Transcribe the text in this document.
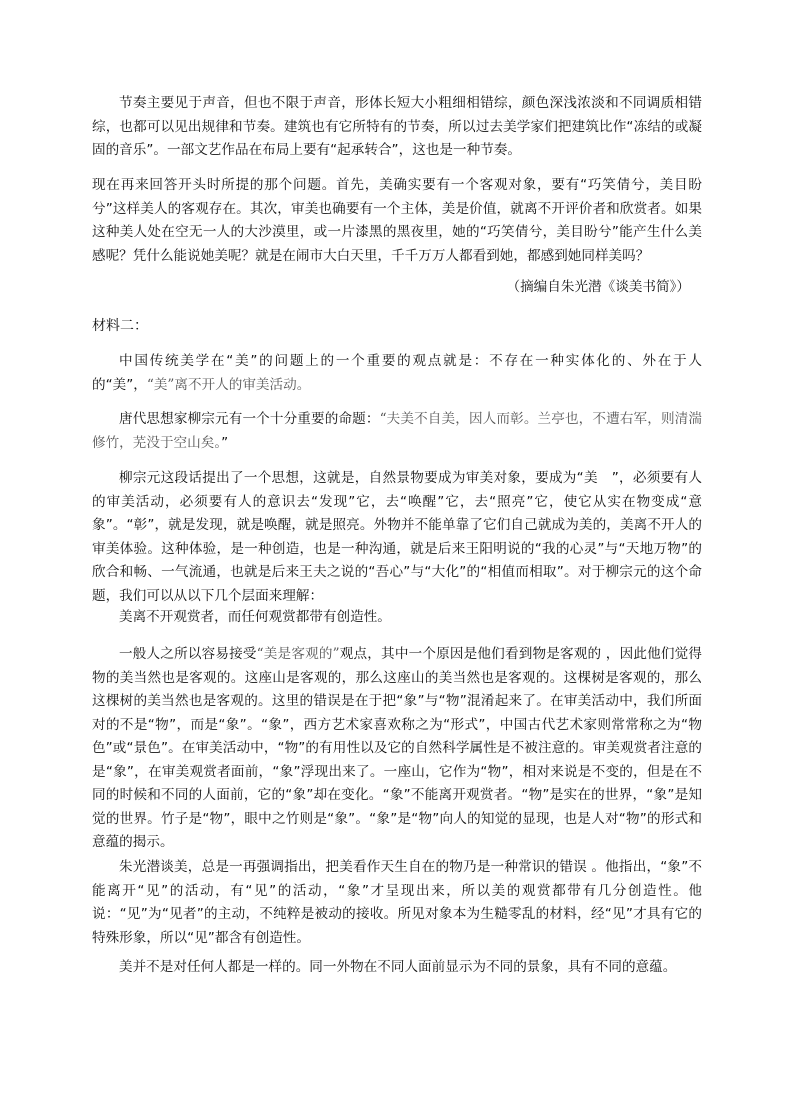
节奏主要见于声音，但也不限于声音，形体长短大小粗细相错综，颜色深浅浓淡和不同调质相错综，也都可以见出规律和节奏。建筑也有它所特有的节奏，所以过去美学家们把建筑比作“冻结的或凝固的音乐”。一部文艺作品在布局上要有“起承转合”，这也是一种节奏。

现在再来回答开头时所提的那个问题。首先，美确实要有一个客观对象，要有“巧笑倩兮，美目盼兮”这样美人的客观存在。其次，审美也确要有一个主体，美是价值，就离不开评价者和欣赏者。如果 这种美人处在空无一人的大沙漠里，或一片漆黑的黑夜里，她的“巧笑倩兮，美目盼兮”能产生什么美感呢？凭什么能说她美呢？就是在闹市大白天里，千千万万人都看到她，都感到她同样美吗？

（摘编自朱光潜《谈美书简》）

材料二：

中国传统美学在“美”的问题上的一个重要的观点就是：不存在一种实体化的、外在于人的“美”，“美”离不开人的审美活动。

唐代思想家柳宗元有一个十分重要的命题：“夫美不自美，因人而彰。兰亭也，不遭右军，则清湍修竹，芜没于空山矣。”

柳宗元这段话提出了一个思想，这就是，自然景物要成为审美对象，要成为“美　”，必须要有人的审美活动，必须要有人的意识去“发现”它，去“唤醒”它，去“照亮”它，使它从实在物变成“意象”。“彰”，就是发现，就是唤醒，就是照亮。外物并不能单靠了它们自己就成为美的，美离不开人的审美体验。这种体验，是一种创造，也是一种沟通，就是后来王阳明说的“我的心灵”与“天地万物”的欣合和畅、一气流通，也就是后来王夫之说的“吾心”与“大化”的“相值而相取”。对于柳宗元的这个命题，我们可以从以下几个层面来理解：

美离不开观赏者，而任何观赏都带有创造性。

一般人之所以容易接受“美是客观的”观点，其中一个原因是他们看到物是客观的 ，因此他们觉得物的美当然也是客观的。这座山是客观的，那么这座山的美当然也是客观的。这棵树是客观的，那么这棵树的美当然也是客观的。这里的错误是在于把“象”与“物”混淆起来了。在审美活动中，我们所面对的不是“物”，而是“象”。“象”，西方艺术家喜欢称之为“形式”，中国古代艺术家则常常称之为“物色”或“景色”。在审美活动中，“物”的有用性以及它的自然科学属性是不被注意的。审美观赏者注意的是“象”，在审美观赏者面前，“象”浮现出来了。一座山，它作为“物”，相对来说是不变的，但是在不同的时候和不同的人面前，它的“象”却在变化。“象”不能离开观赏者。“物”是实在的世界，“象”是知觉的世界。竹子是“物”，眼中之竹则是“象”。“象”是“物”向人的知觉的显现，也是人对“物”的形式和意蕴的揭示。

朱光潜谈美，总是一再强调指出，把美看作天生自在的物乃是一种常识的错误 。他指出，“象”不能离开“见”的活动，有“见”的活动，“象”才呈现出来，所以美的观赏都带有几分创造性。他说：“见”为“见者”的主动，不纯粹是被动的接收。所见对象本为生糙零乱的材料，经“见”才具有它的特殊形象，所以“见”都含有创造性。

美并不是对任何人都是一样的。同一外物在不同人面前显示为不同的景象，具有不同的意蕴。
